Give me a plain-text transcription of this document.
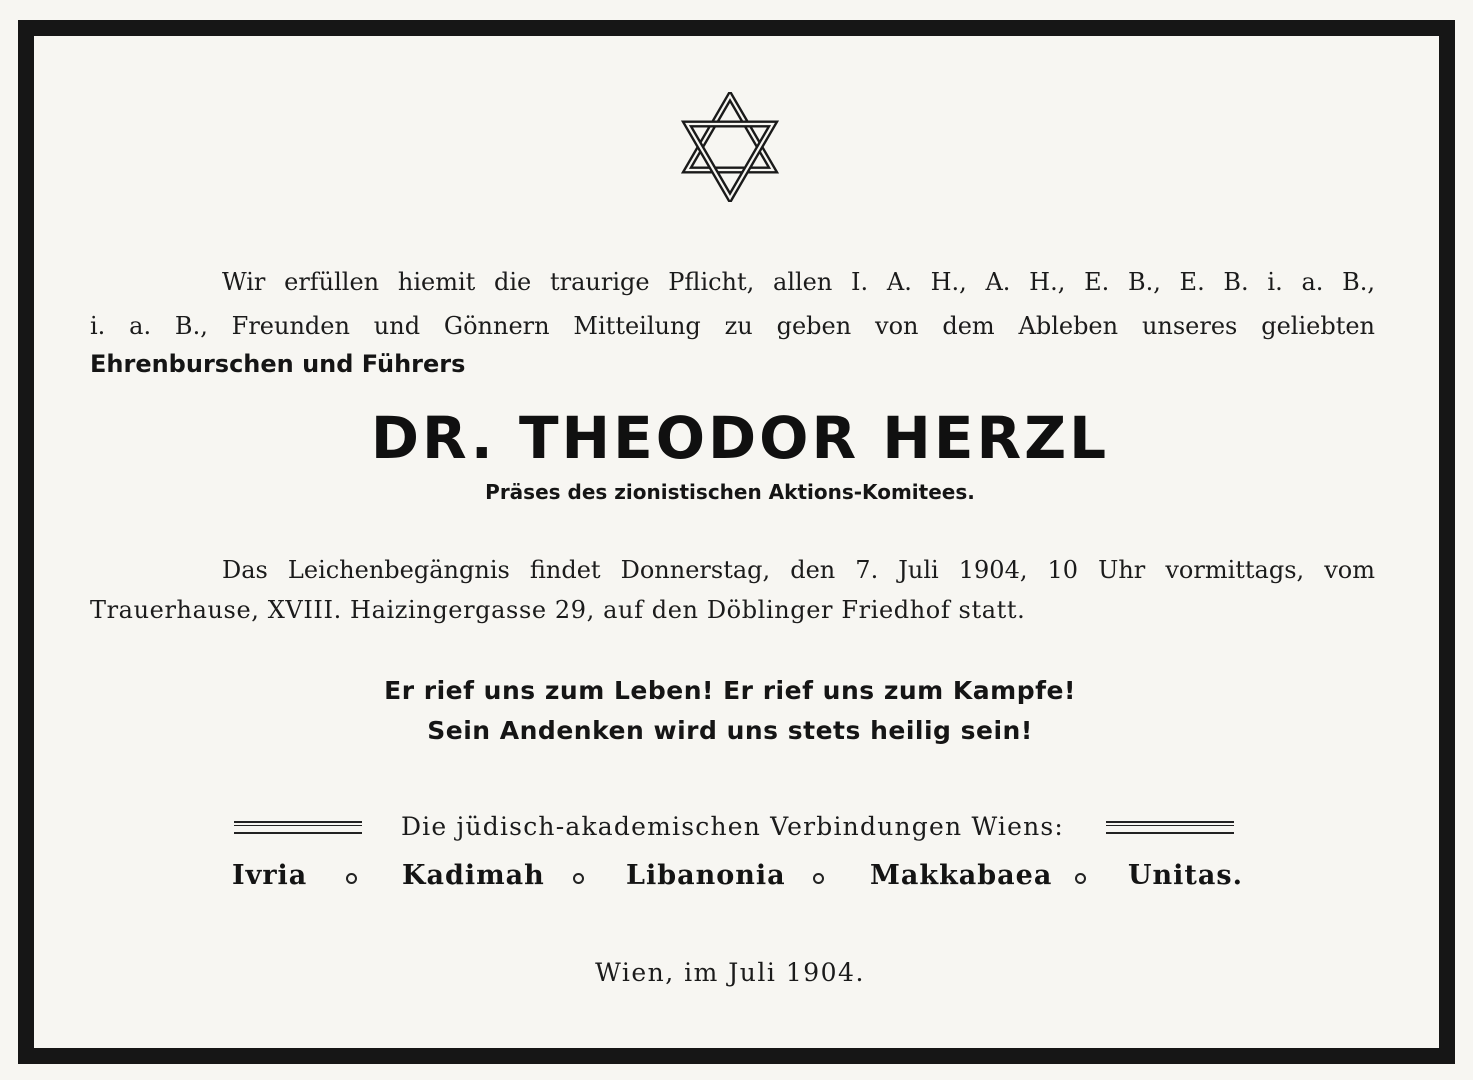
Wir erfüllen hiemit die traurige Pflicht, allen I. A. H., A. H., E. B., E. B. i. a. B.,
i. a. B., Freunden und Gönnern Mitteilung zu geben von dem Ableben unseres geliebten
Ehrenburschen und Führers
DR. THEODOR HERZL
Präses des zionistischen Aktions-Komitees.
Das Leichenbegängnis findet Donnerstag, den 7. Juli 1904, 10 Uhr vormittags, vom
Trauerhause, XVIII. Haizingergasse 29, auf den Döblinger Friedhof statt.
Er rief uns zum Leben! Er rief uns zum Kampfe!
Sein Andenken wird uns stets heilig sein!
Die jüdisch-akademischen Verbindungen Wiens:
Ivria	Kadimah	Libanonia	Makkabaea	Unitas.
Wien, im Juli 1904.
